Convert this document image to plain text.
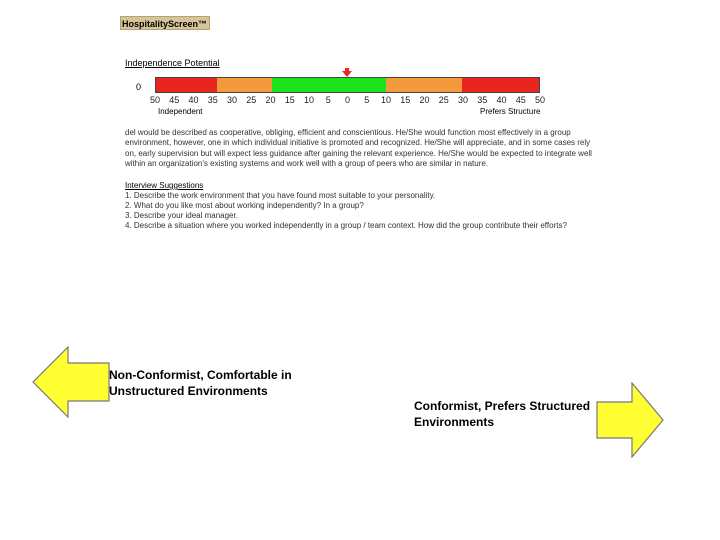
HospitalityScreen™
Independence Potential
0
50	45	40	35	30	25	20	15	10	5	0	5	10	15	20	25	30	35	40	45	50
Independent	Prefers Structure
del would be described as cooperative, obliging, efficient and conscientious. He/She would function most effectively in a group environment, however, one in which individual initiative is promoted and recognized. He/She will appreciate, and in some cases rely on, early supervision but will expect less guidance after gaining the relevant experience. He/She would be expected to integrate well within an organization's existing systems and work well with a group of peers who are similar in nature.
Interview Suggestions
1. Describe the work environment that you have found most suitable to your personality.
2. What do you like most about working independently? In a group?
3. Describe your ideal manager.
4. Describe a situation where you worked independently in a group / team context. How did the group contribute their efforts?
Non-Conformist, Comfortable in Unstructured Environments
Conformist, Prefers Structured Environments
